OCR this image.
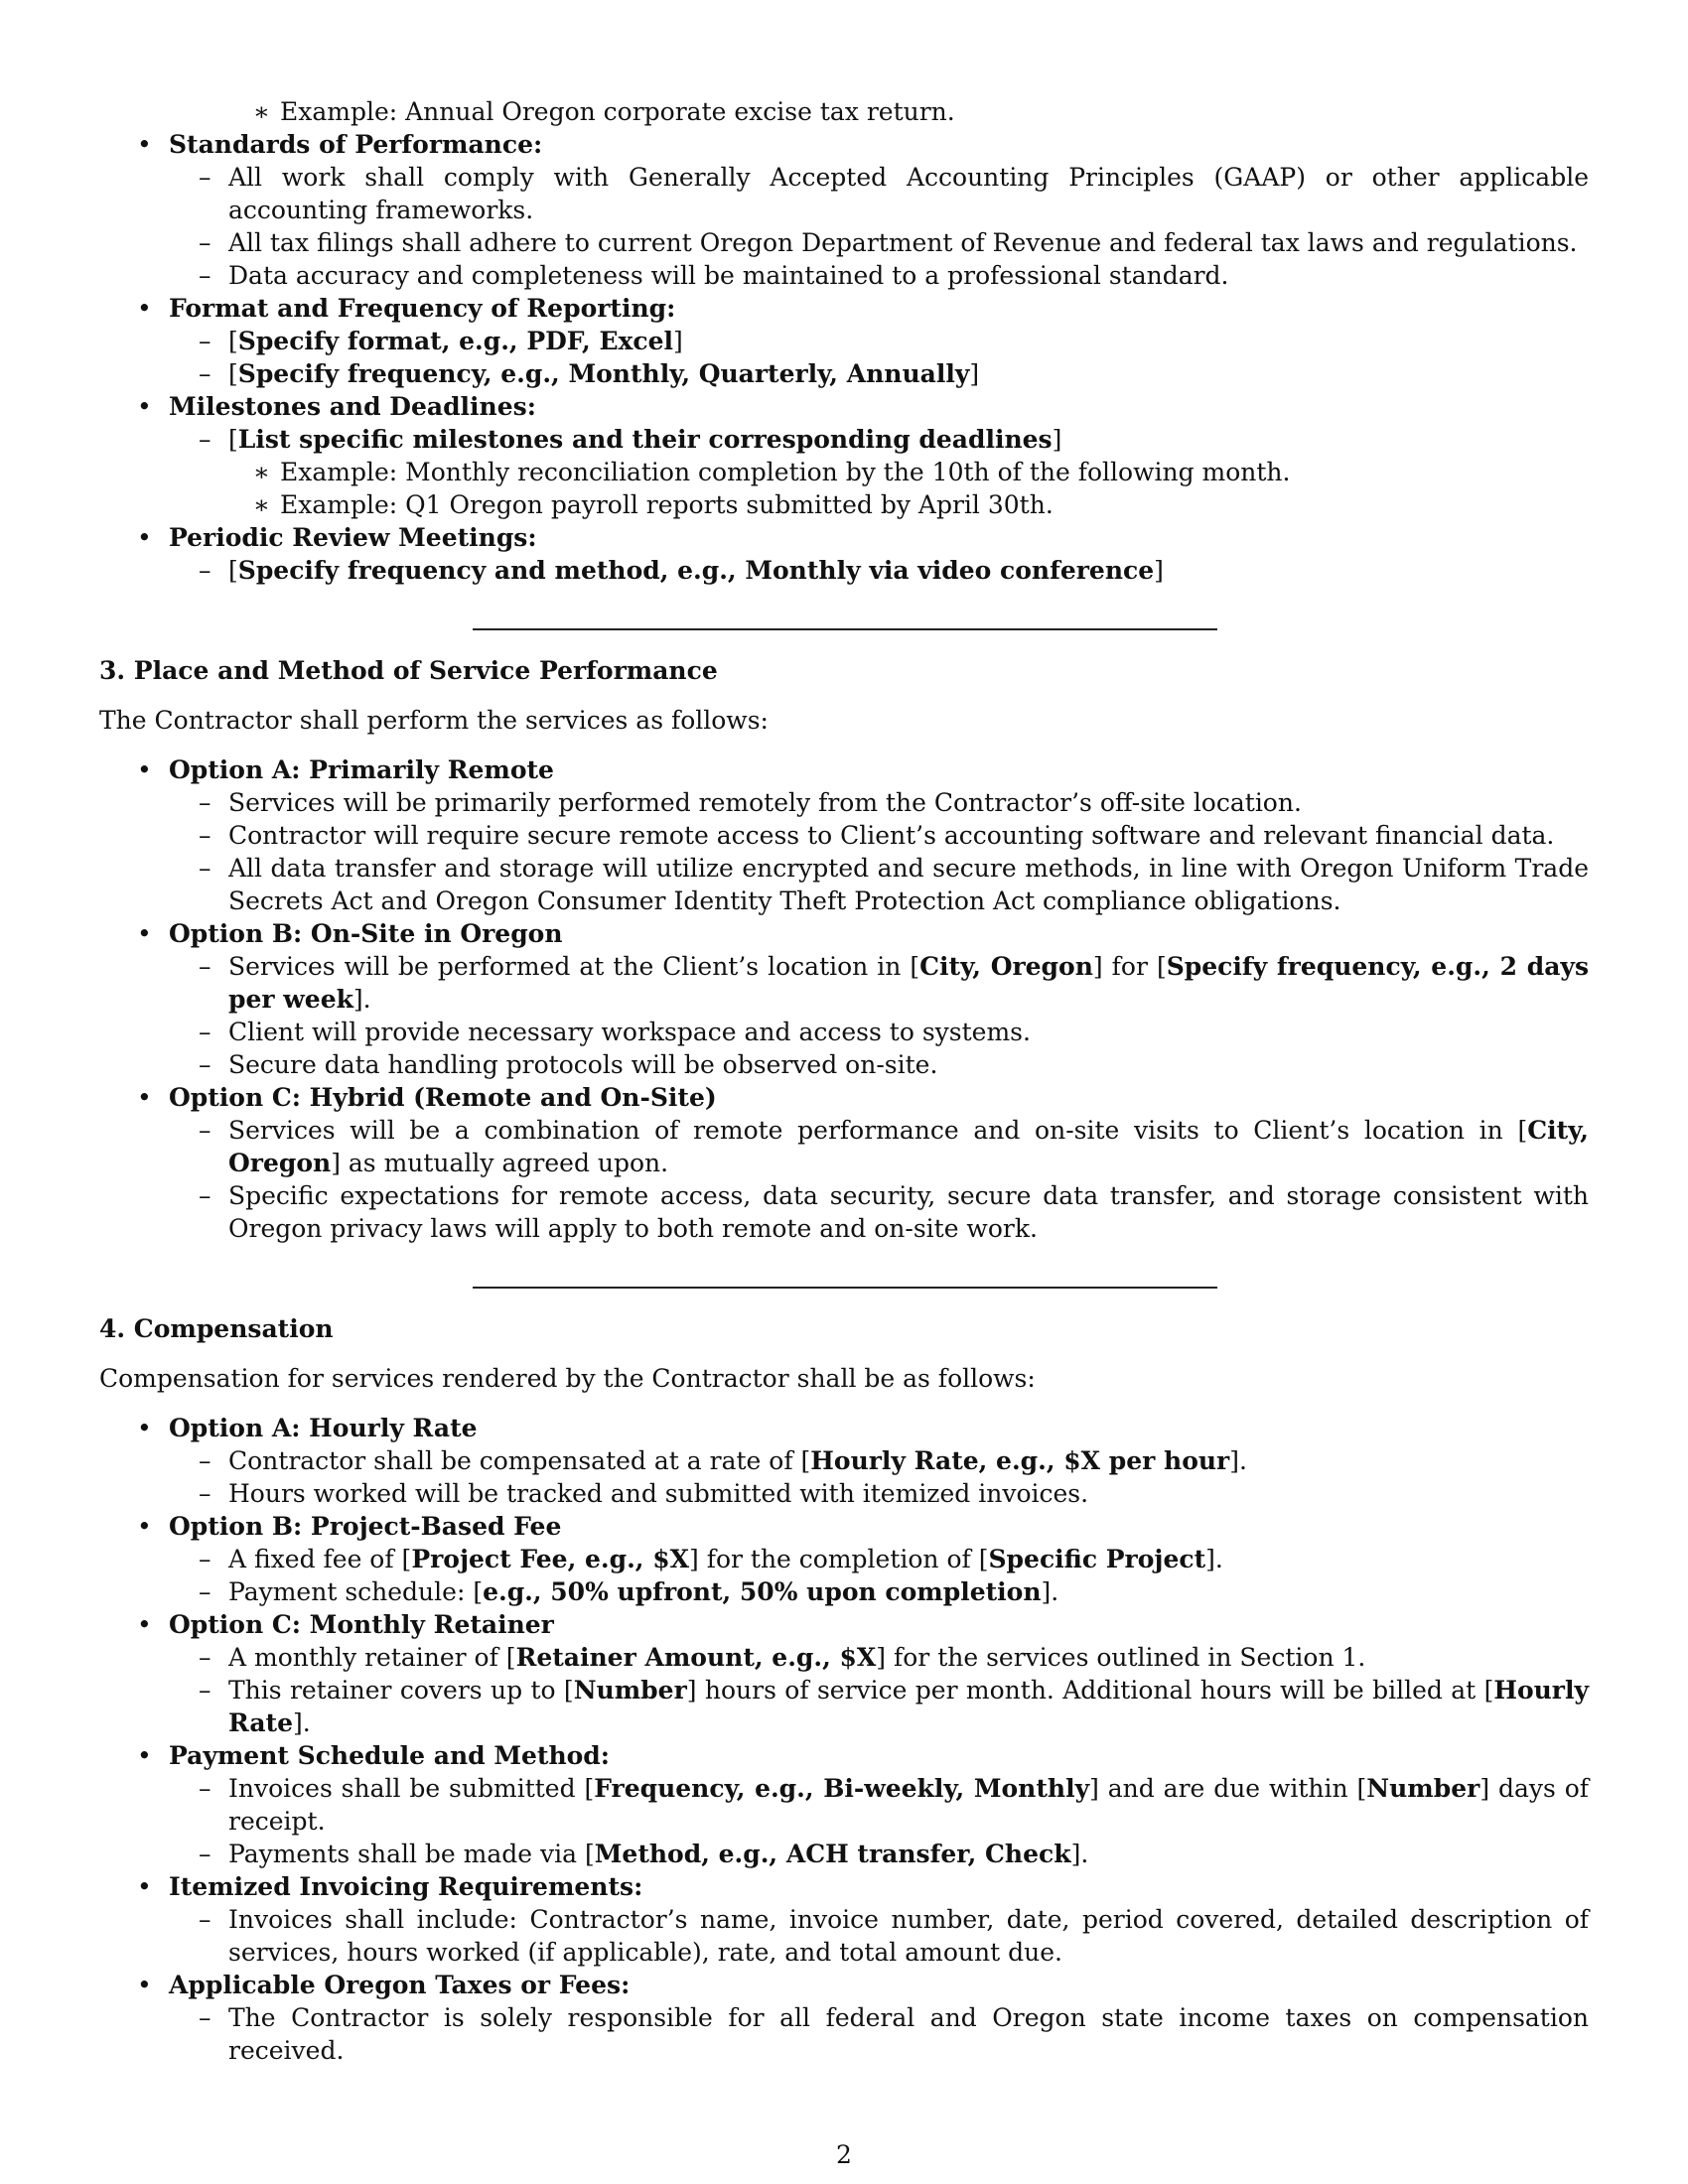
∗ Example: Annual Oregon corporate excise tax return.
• Standards of Performance:
– All work shall comply with Generally Accepted Accounting Principles (GAAP) or other applicable accounting frameworks.
– All tax filings shall adhere to current Oregon Department of Revenue and federal tax laws and regulations.
– Data accuracy and completeness will be maintained to a professional standard.
• Format and Frequency of Reporting:
– [Specify format, e.g., PDF, Excel]
– [Specify frequency, e.g., Monthly, Quarterly, Annually]
• Milestones and Deadlines:
– [List specific milestones and their corresponding deadlines]
∗ Example: Monthly reconciliation completion by the 10th of the following month.
∗ Example: Q1 Oregon payroll reports submitted by April 30th.
• Periodic Review Meetings:
– [Specify frequency and method, e.g., Monthly via video conference]
3. Place and Method of Service Performance
The Contractor shall perform the services as follows:
• Option A: Primarily Remote
– Services will be primarily performed remotely from the Contractor’s off-site location.
– Contractor will require secure remote access to Client’s accounting software and relevant financial data.
– All data transfer and storage will utilize encrypted and secure methods, in line with Oregon Uniform Trade Secrets Act and Oregon Consumer Identity Theft Protection Act compliance obligations.
• Option B: On-Site in Oregon
– Services will be performed at the Client’s location in [City, Oregon] for [Specify frequency, e.g., 2 days per week].
– Client will provide necessary workspace and access to systems.
– Secure data handling protocols will be observed on-site.
• Option C: Hybrid (Remote and On-Site)
– Services will be a combination of remote performance and on-site visits to Client’s location in [City, Oregon] as mutually agreed upon.
– Specific expectations for remote access, data security, secure data transfer, and storage consistent with Oregon privacy laws will apply to both remote and on-site work.
4. Compensation
Compensation for services rendered by the Contractor shall be as follows:
• Option A: Hourly Rate
– Contractor shall be compensated at a rate of [Hourly Rate, e.g., $X per hour].
– Hours worked will be tracked and submitted with itemized invoices.
• Option B: Project-Based Fee
– A fixed fee of [Project Fee, e.g., $X] for the completion of [Specific Project].
– Payment schedule: [e.g., 50% upfront, 50% upon completion].
• Option C: Monthly Retainer
– A monthly retainer of [Retainer Amount, e.g., $X] for the services outlined in Section 1.
– This retainer covers up to [Number] hours of service per month. Additional hours will be billed at [Hourly Rate].
• Payment Schedule and Method:
– Invoices shall be submitted [Frequency, e.g., Bi-weekly, Monthly] and are due within [Number] days of receipt.
– Payments shall be made via [Method, e.g., ACH transfer, Check].
• Itemized Invoicing Requirements:
– Invoices shall include: Contractor’s name, invoice number, date, period covered, detailed description of services, hours worked (if applicable), rate, and total amount due.
• Applicable Oregon Taxes or Fees:
– The Contractor is solely responsible for all federal and Oregon state income taxes on compensation received.
2
